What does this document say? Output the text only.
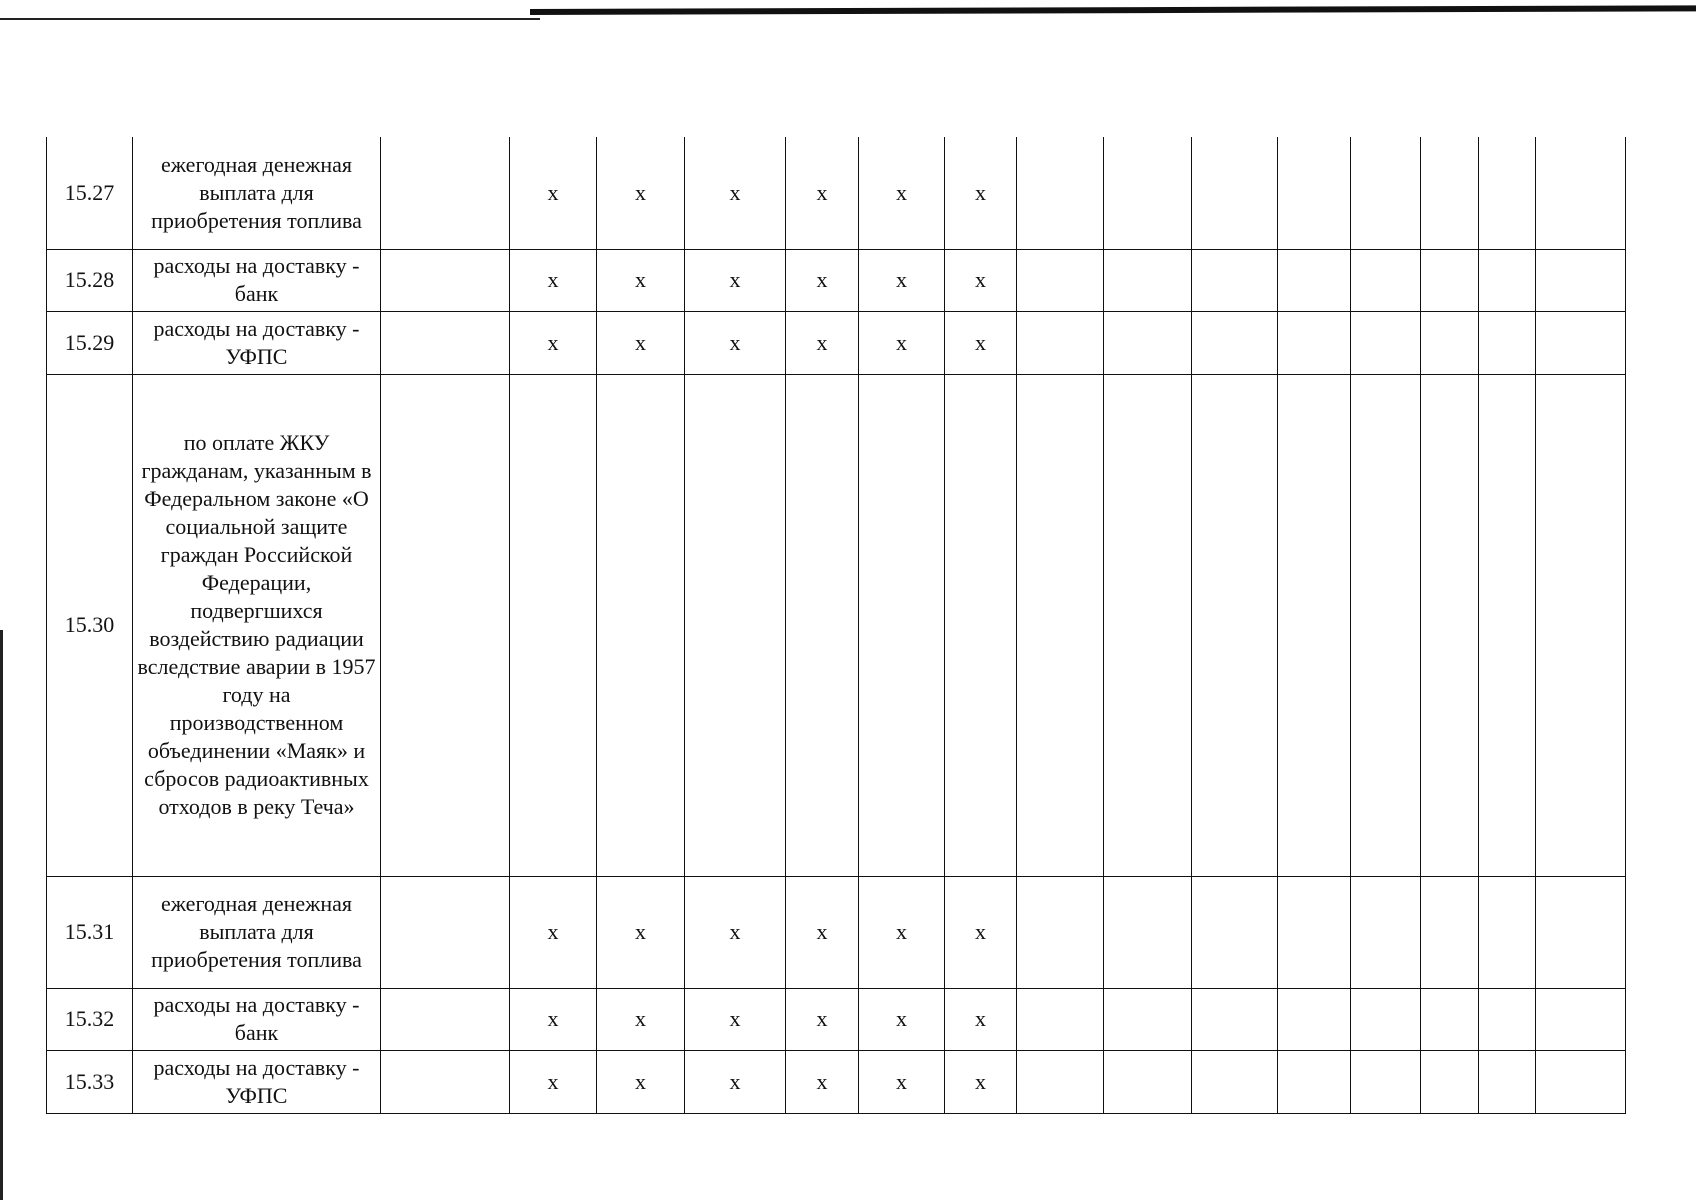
15.27	ежегодная денежная выплата для приобретения топлива		x	x	x	x	x	x									
15.28	расходы на доставку - банк		x	x	x	x	x	x									
15.29	расходы на доставку - УФПС		x	x	x	x	x	x									
15.30	по оплате ЖКУ гражданам, указанным в Федеральном законе «О социальной защите граждан Российской Федерации, подвергшихся воздействию радиации вследствие аварии в 1957 году на производственном объединении «Маяк» и сбросов радиоактивных отходов в реку Теча»																
15.31	ежегодная денежная выплата для приобретения топлива		x	x	x	x	x	x									
15.32	расходы на доставку - банк		x	x	x	x	x	x									
15.33	расходы на доставку - УФПС		x	x	x	x	x	x									
